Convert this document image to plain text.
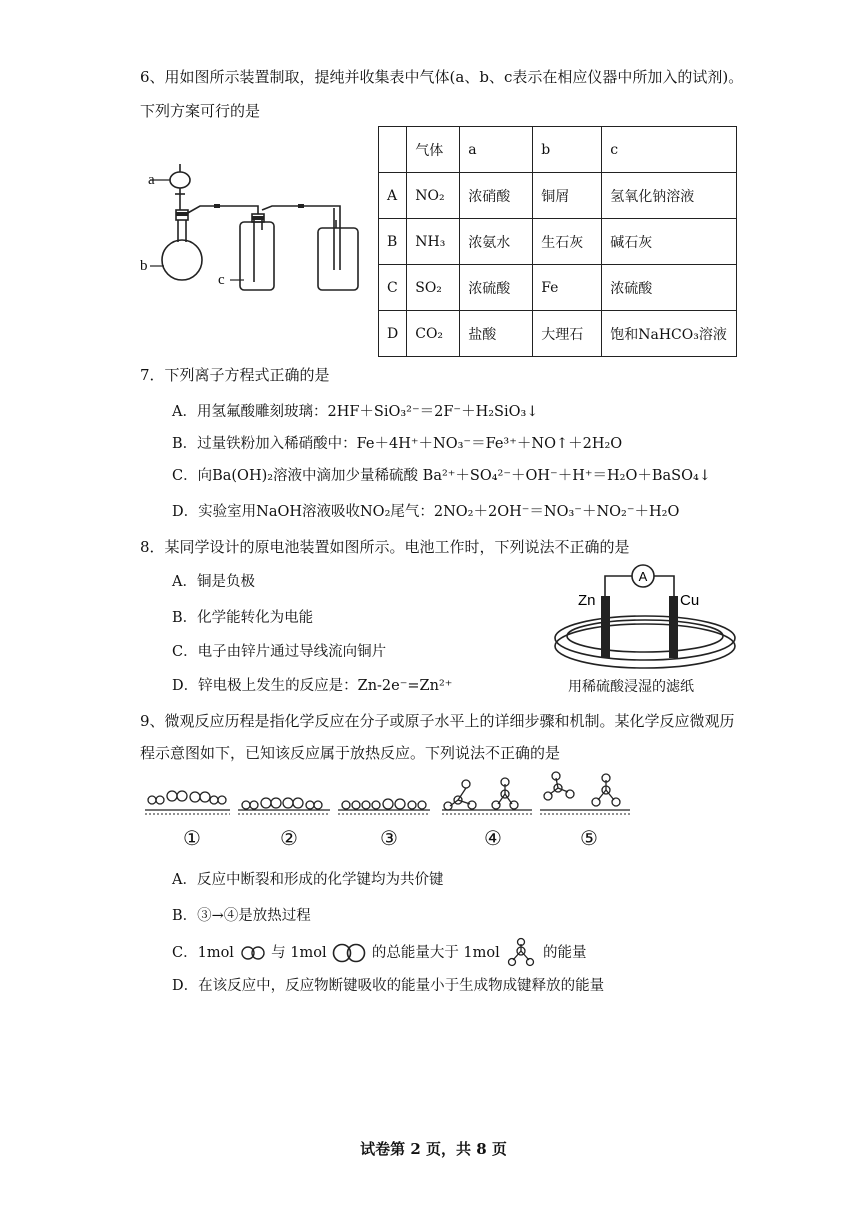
6、用如图所示装置制取，提纯并收集表中气体(a、b、c表示在相应仪器中所加入的试剂)。
下列方案可行的是
a
b
c
	气体	a	b	c
A	NO₂	浓硝酸	铜屑	氢氧化钠溶液
B	NH₃	浓氨水	生石灰	碱石灰
C	SO₂	浓硫酸	Fe	浓硫酸
D	CO₂	盐酸	大理石	饱和NaHCO₃溶液
7．下列离子方程式正确的是
A．用氢氟酸雕刻玻璃：2HF＋SiO₃²⁻＝2F⁻＋H₂SiO₃↓
B．过量铁粉加入稀硝酸中：Fe＋4H⁺＋NO₃⁻＝Fe³⁺＋NO↑＋2H₂O
C．向Ba(OH)₂溶液中滴加少量稀硫酸 Ba²⁺＋SO₄²⁻＋OH⁻＋H⁺＝H₂O＋BaSO₄↓
D．实验室用NaOH溶液吸收NO₂尾气：2NO₂＋2OH⁻＝NO₃⁻＋NO₂⁻＋H₂O
8．某同学设计的原电池装置如图所示。电池工作时，下列说法不正确的是
A．铜是负极
B．化学能转化为电能
C．电子由锌片通过导线流向铜片
D．锌电极上发生的反应是：Zn-2e⁻=Zn²⁺
A
Zn	Cu
用稀硫酸浸湿的滤纸
9、微观反应历程是指化学反应在分子或原子水平上的详细步骤和机制。某化学反应微观历
程示意图如下，已知该反应属于放热反应。下列说法不正确的是
①	②	③	④	⑤
A．反应中断裂和形成的化学键均为共价键
B．③→④是放热过程
C．1mol	与 1mol	的总能量大于 1mol	的能量
D．在该反应中，反应物断键吸收的能量小于生成物成键释放的能量
试卷第 2 页，共 8 页
